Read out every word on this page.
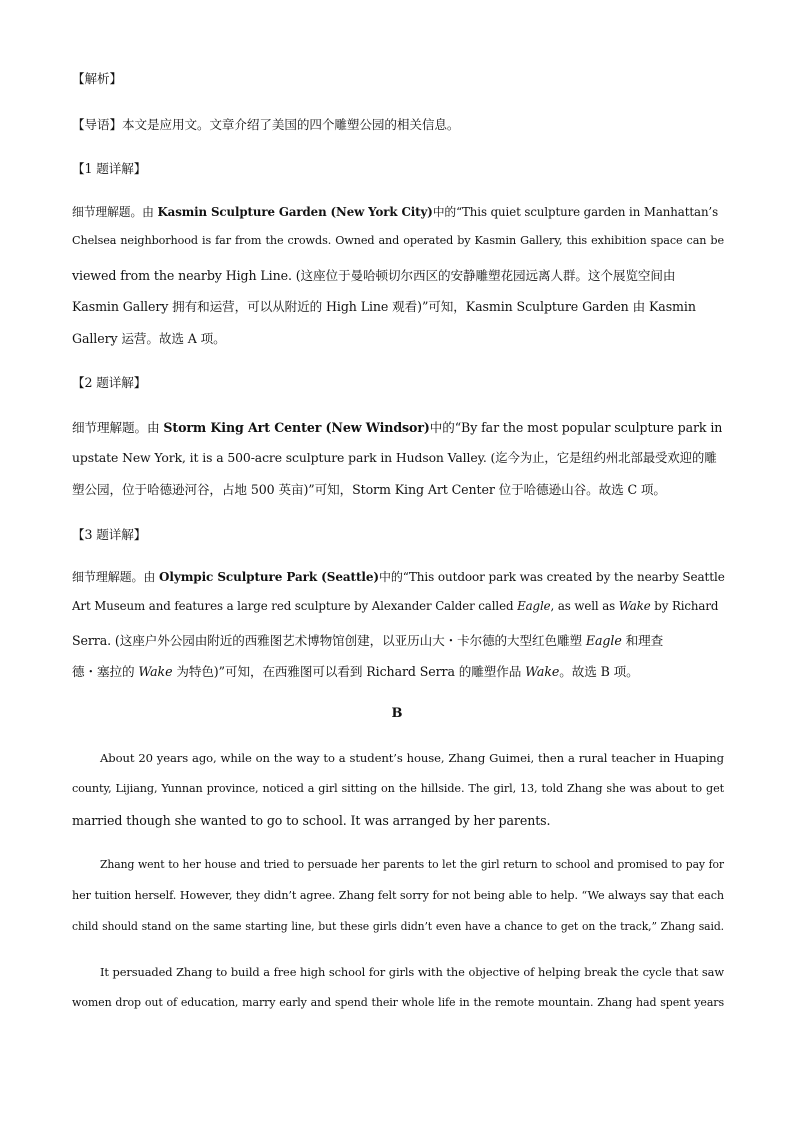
【解析】
【导语】本文是应用文。文章介绍了美国的四个雕塑公园的相关信息。
【1 题详解】
细节理解题。由 Kasmin Sculpture Garden (New York City)中的“This quiet sculpture garden in Manhattan’s
Chelsea neighborhood is far from the crowds. Owned and operated by Kasmin Gallery, this exhibition space can be
viewed from the nearby High Line. (这座位于曼哈顿切尔西区的安静雕塑花园远离人群。这个展览空间由
Kasmin Gallery 拥有和运营，可以从附近的 High Line 观看)”可知，Kasmin Sculpture Garden 由 Kasmin
Gallery 运营。故选 A 项。
【2 题详解】
细节理解题。由 Storm King Art Center (New Windsor)中的“By far the most popular sculpture park in
upstate New York, it is a 500-acre sculpture park in Hudson Valley. (迄今为止，它是纽约州北部最受欢迎的雕
塑公园，位于哈德逊河谷，占地 500 英亩)”可知，Storm King Art Center 位于哈德逊山谷。故选 C 项。
【3 题详解】
细节理解题。由 Olympic Sculpture Park (Seattle)中的“This outdoor park was created by the nearby Seattle
Art Museum and features a large red sculpture by Alexander Calder called Eagle, as well as Wake by Richard
Serra. (这座户外公园由附近的西雅图艺术博物馆创建，以亚历山大・卡尔德的大型红色雕塑 Eagle 和理查
德・塞拉的 Wake 为特色)”可知，在西雅图可以看到 Richard Serra 的雕塑作品 Wake。故选 B 项。
B
About 20 years ago, while on the way to a student’s house, Zhang Guimei, then a rural teacher in Huaping
county, Lijiang, Yunnan province, noticed a girl sitting on the hillside. The girl, 13, told Zhang she was about to get
married though she wanted to go to school. It was arranged by her parents.
Zhang went to her house and tried to persuade her parents to let the girl return to school and promised to pay for
her tuition herself. However, they didn’t agree. Zhang felt sorry for not being able to help. “We always say that each
child should stand on the same starting line, but these girls didn’t even have a chance to get on the track,” Zhang said.
It persuaded Zhang to build a free high school for girls with the objective of helping break the cycle that saw
women drop out of education, marry early and spend their whole life in the remote mountain. Zhang had spent years
